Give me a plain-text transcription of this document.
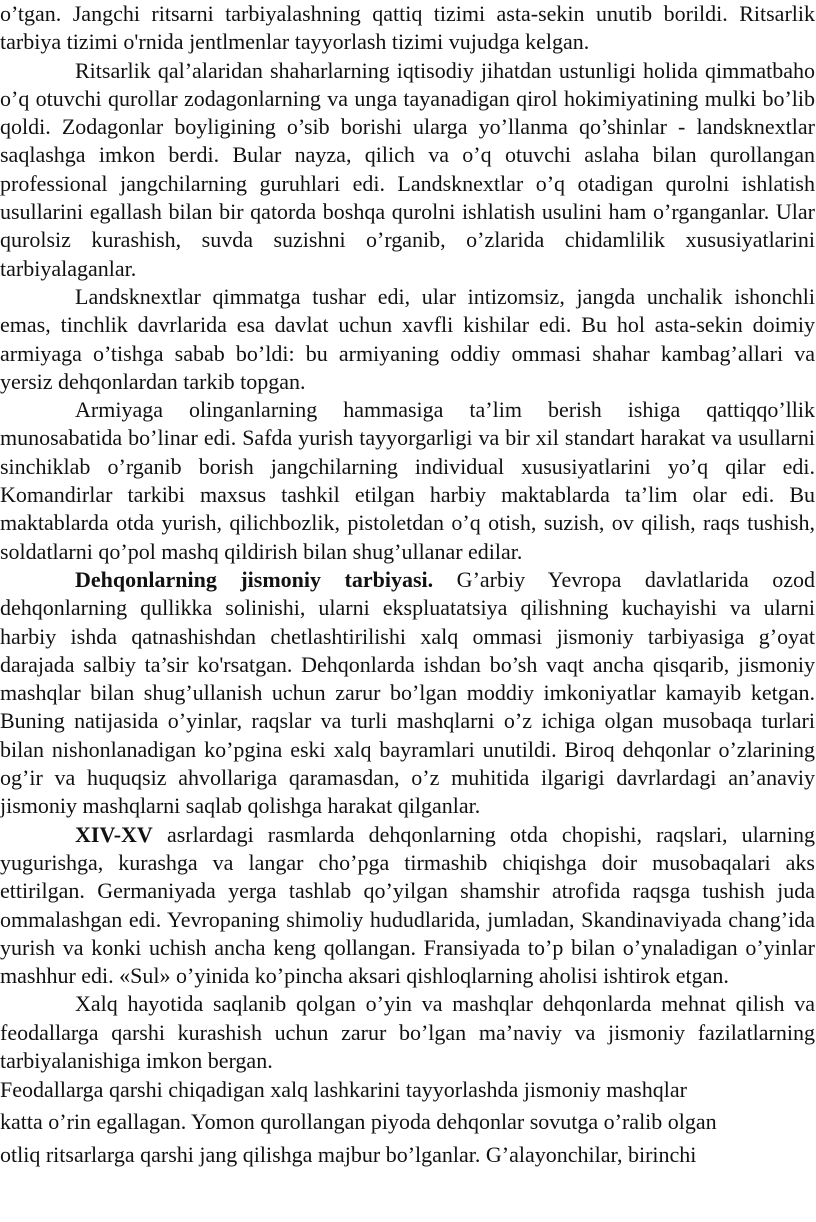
o’tgan. Jangchi ritsarni tarbiyalashning qattiq tizimi asta-sekin unutib borildi. Ritsarlik tarbiya tizimi o'rnida jentlmenlar tayyorlash tizimi vujudga kelgan.

Ritsarlik qal’alaridan shaharlarning iqtisodiy jihatdan ustunligi holida qimmatbaho o’q otuvchi qurollar zodagonlarning va unga tayanadigan qirol hokimiyatining mulki bo’lib qoldi. Zodagonlar boyligining o’sib borishi ularga yo’llanma qo’shinlar - landsknextlar saqlashga imkon berdi. Bular nayza, qilich va o’q otuvchi aslaha bilan qurollangan professional jangchilarning guruhlari edi. Landsknextlar o’q otadigan qurolni ishlatish usullarini egallash bilan bir qatorda boshqa qurolni ishlatish usulini ham o’rganganlar. Ular qurolsiz kurashish, suvda suzishni o’rganib, o’zlarida chidamlilik xususiyatlarini tarbiyalaganlar.

Landsknextlar qimmatga tushar edi, ular intizomsiz, jangda unchalik ishonchli emas, tinchlik davrlarida esa davlat uchun xavfli kishilar edi. Bu hol asta-sekin doimiy armiyaga o’tishga sabab bo’ldi: bu armiyaning oddiy ommasi shahar kambag’allari va yersiz dehqonlardan tarkib topgan.

Armiyaga olinganlarning hammasiga ta’lim berish ishiga qattiqqo’llik munosabatida bo’linar edi. Safda yurish tayyorgarligi va bir xil standart harakat va usullarni sinchiklab o’rganib borish jangchilarning individual xususiyatlarini yo’q qilar edi. Komandirlar tarkibi maxsus tashkil etilgan harbiy maktablarda ta’lim olar edi. Bu maktablarda otda yurish, qilichbozlik, pistoletdan o’q otish, suzish, ov qilish, raqs tushish, soldatlarni qo’pol mashq qildirish bilan shug’ullanar edilar.

Dehqonlarning jismoniy tarbiyasi. G’arbiy Yevropa davlatlarida ozod dehqonlarning qullikka solinishi, ularni ekspluatatsiya qilishning kuchayishi va ularni harbiy ishda qatnashishdan chetlashtirilishi xalq ommasi jismoniy tarbiyasiga g’oyat darajada salbiy ta’sir ko'rsatgan. Dehqonlarda ishdan bo’sh vaqt ancha qisqarib, jismoniy mashqlar bilan shug’ullanish uchun zarur bo’lgan moddiy imkoniyatlar kamayib ketgan. Buning natijasida o’yinlar, raqslar va turli mashqlarni o’z ichiga olgan musobaqa turlari bilan nishonlanadigan ko’pgina eski xalq bayramlari unutildi. Biroq dehqonlar o’zlarining og’ir va huquqsiz ahvollariga qaramasdan, o’z muhitida ilgarigi davrlardagi an’anaviy jismoniy mashqlarni saqlab qolishga harakat qilganlar.

XIV-XV asrlardagi rasmlarda dehqonlarning otda chopishi, raqslari, ularning yugurishga, kurashga va langar cho’pga tirmashib chiqishga doir musobaqalari aks ettirilgan. Germaniyada yerga tashlab qo’yilgan shamshir atrofida raqsga tushish juda ommalashgan edi. Yevropaning shimoliy hududlarida, jumladan, Skandinaviyada chang’ida yurish va konki uchish ancha keng qollangan. Fransiyada to’p bilan o’ynaladigan o’yinlar mashhur edi. «Sul» o’yinida ko’pincha aksari qishloqlarning aholisi ishtirok etgan.

Xalq hayotida saqlanib qolgan o’yin va mashqlar dehqonlarda mehnat qilish va feodallarga qarshi kurashish uchun zarur bo’lgan ma’naviy va jismoniy fazilatlarning tarbiyalanishiga imkon bergan.

Feodallarga qarshi chiqadigan xalq lashkarini tayyorlashda jismoniy mashqlar

katta o’rin egallagan. Yomon qurollangan piyoda dehqonlar sovutga o’ralib olgan

otliq ritsarlarga qarshi jang qilishga majbur bo’lganlar. G’alayonchilar, birinchi
